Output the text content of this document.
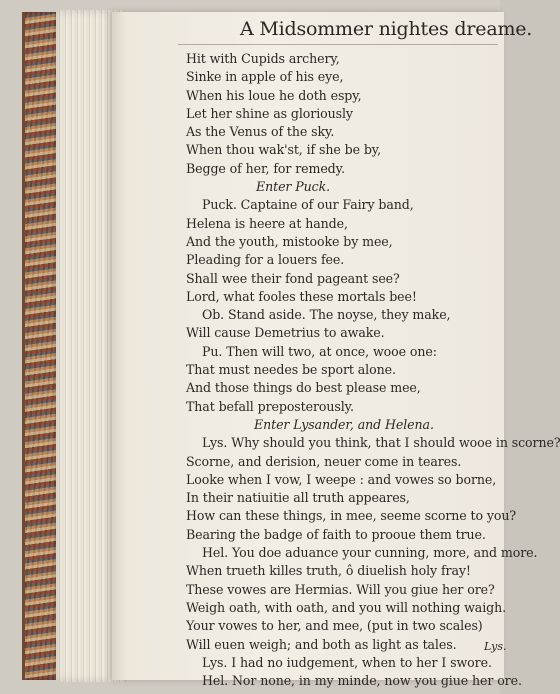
A Midsommer nightes dreame.
Hit with Cupids archery,
Sinke in apple of his eye,
When his loue he doth espy,
Let her shine as gloriously
As the Venus of the sky.
When thou wak'st, if she be by,
Begge of her, for remedy.
Enter Puck.
Puck. Captaine of our Fairy band,
Helena is heere at hande,
And the youth, mistooke by mee,
Pleading for a louers fee.
Shall wee their fond pageant see?
Lord, what fooles these mortals bee!
Ob. Stand aside. The noyse, they make,
Will cause Demetrius to awake.
Pu. Then will two, at once, wooe one:
That must needes be sport alone.
And those things do best please mee,
That befall preposterously.
Enter Lysander, and Helena.
Lys. Why should you think, that I should wooe in scorne?
Scorne, and derision, neuer come in teares.
Looke when I vow, I weepe : and vowes so borne,
In their natiuitie all truth appeares,
How can these things, in mee, seeme scorne to you?
Bearing the badge of faith to prooue them true.
Hel. You doe aduance your cunning, more, and more.
When trueth killes truth, ô diuelish holy fray!
These vowes are Hermias. Will you giue her ore?
Weigh oath, with oath, and you will nothing waigh.
Your vowes to her, and mee, (put in two scales)
Will euen weigh; and both as light as tales.
Lys. I had no iudgement, when to her I swore.
Hel. Nor none, in my minde, now you giue her ore.
Lys.
